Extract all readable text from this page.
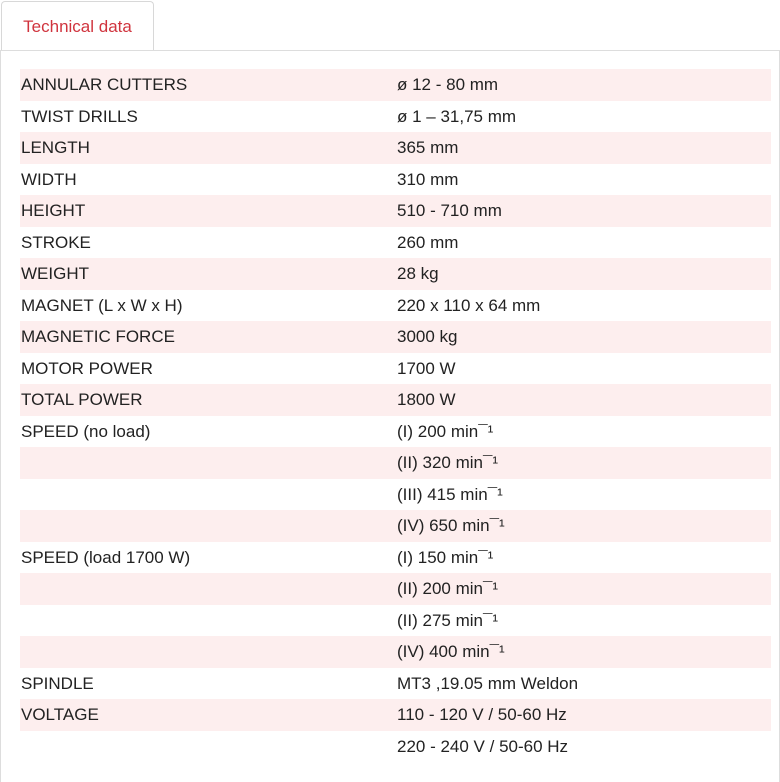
Technical data
ANNULAR CUTTERS	ø 12 - 80 mm
TWIST DRILLS	ø 1 – 31,75 mm
LENGTH	365 mm
WIDTH	310 mm
HEIGHT	510 - 710 mm
STROKE	260 mm
WEIGHT	28 kg
MAGNET (L x W x H)	220 x 110 x 64 mm
MAGNETIC FORCE	3000 kg
MOTOR POWER	1700 W
TOTAL POWER	1800 W
SPEED (no load)	(I) 200 min¯¹
	(II) 320 min¯¹
	(III) 415 min¯¹
	(IV) 650 min¯¹
SPEED (load 1700 W)	(I) 150 min¯¹
	(II) 200 min¯¹
	(II) 275 min¯¹
	(IV) 400 min¯¹
SPINDLE	MT3 ,19.05 mm Weldon
VOLTAGE	110 - 120 V / 50-60 Hz
	220 - 240 V / 50-60 Hz
